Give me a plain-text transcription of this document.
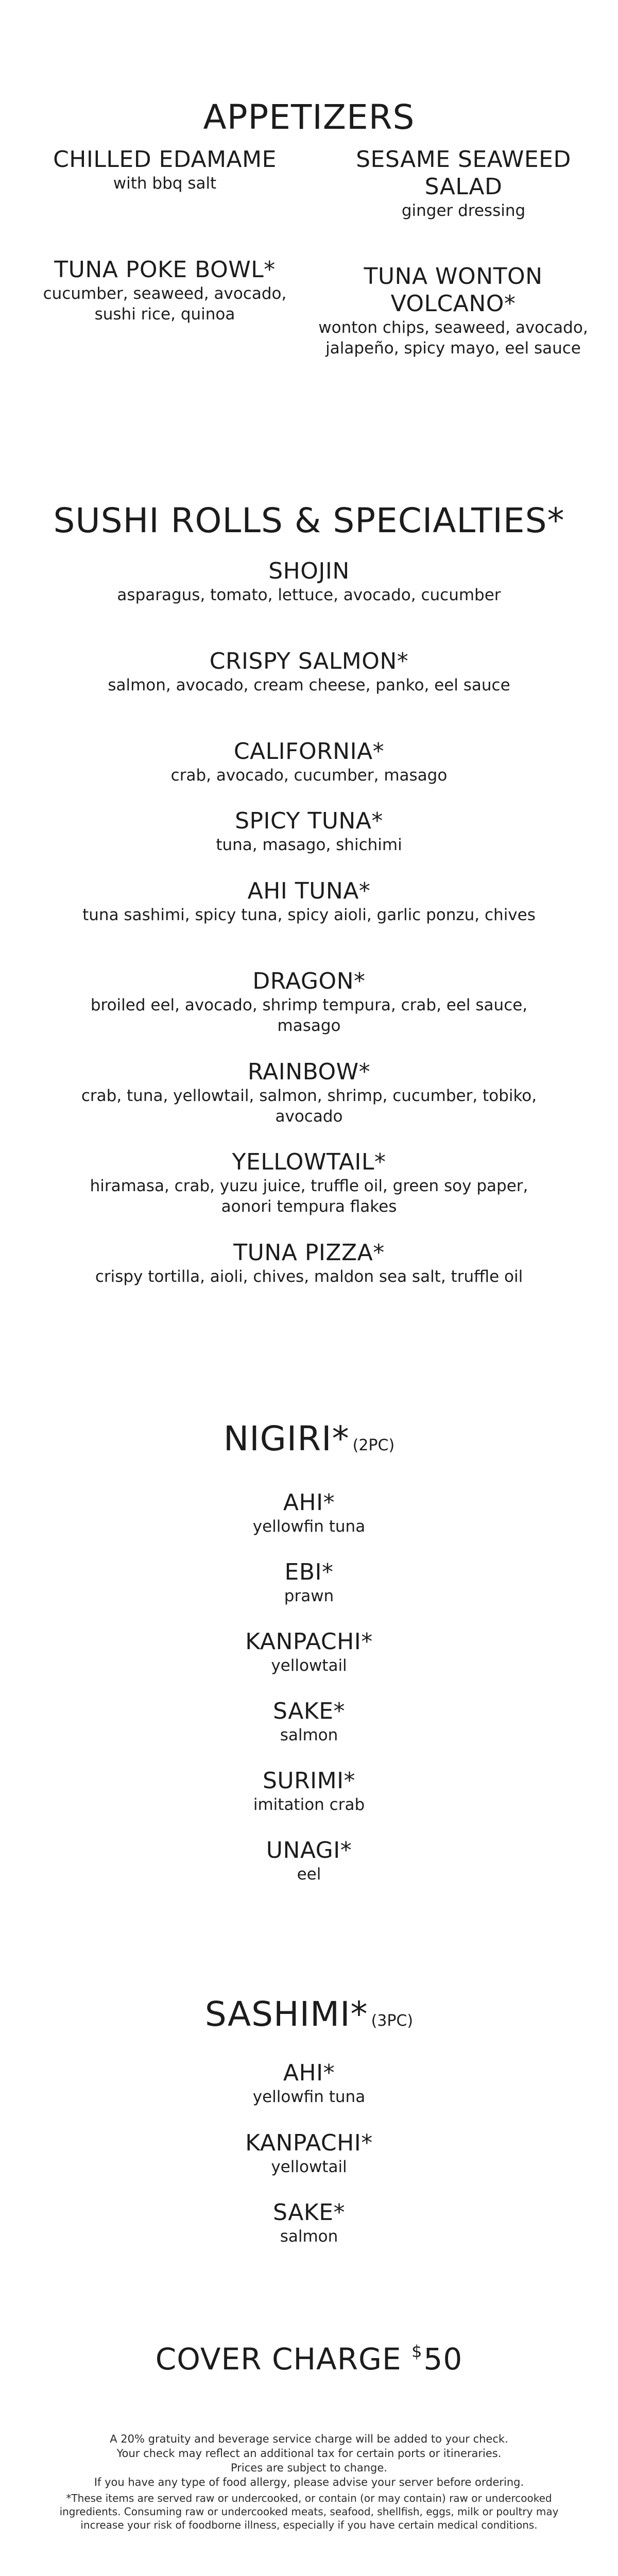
APPETIZERS
CHILLED EDAMAME
with bbq salt
SESAME SEAWEED SALAD
ginger dressing
TUNA POKE BOWL*
cucumber, seaweed, avocado, sushi rice, quinoa
TUNA WONTON VOLCANO*
wonton chips, seaweed, avocado, jalapeño, spicy mayo, eel sauce
SUSHI ROLLS & SPECIALTIES*
SHOJIN
asparagus, tomato, lettuce, avocado, cucumber
CRISPY SALMON*
salmon, avocado, cream cheese, panko, eel sauce
CALIFORNIA*
crab, avocado, cucumber, masago
SPICY TUNA*
tuna, masago, shichimi
AHI TUNA*
tuna sashimi, spicy tuna, spicy aioli, garlic ponzu, chives
DRAGON*
broiled eel, avocado, shrimp tempura, crab, eel sauce, masago
RAINBOW*
crab, tuna, yellowtail, salmon, shrimp, cucumber, tobiko, avocado
YELLOWTAIL*
hiramasa, crab, yuzu juice, truffle oil, green soy paper, aonori tempura flakes
TUNA PIZZA*
crispy tortilla, aioli, chives, maldon sea salt, truffle oil
NIGIRI* (2PC)
AHI*
yellowfin tuna
EBI*
prawn
KANPACHI*
yellowtail
SAKE*
salmon
SURIMI*
imitation crab
UNAGI*
eel
SASHIMI* (3PC)
AHI*
yellowfin tuna
KANPACHI*
yellowtail
SAKE*
salmon
COVER CHARGE $50
A 20% gratuity and beverage service charge will be added to your check.
Your check may reflect an additional tax for certain ports or itineraries.
Prices are subject to change.
If you have any type of food allergy, please advise your server before ordering.
*These items are served raw or undercooked, or contain (or may contain) raw or undercooked ingredients. Consuming raw or undercooked meats, seafood, shellfish, eggs, milk or poultry may increase your risk of foodborne illness, especially if you have certain medical conditions.
